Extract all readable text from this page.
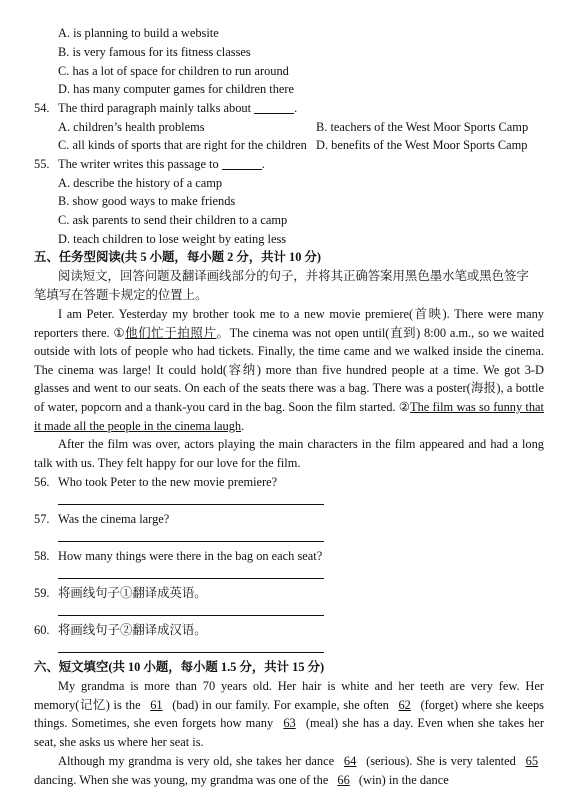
A. is planning to build a website
B. is very famous for its fitness classes
C. has a lot of space for children to run around
D. has many computer games for children there
54. The third paragraph mainly talks about	.
A. children’s health problems	B. teachers of the West Moor Sports Camp
C. all kinds of sports that are right for the children D. benefits of the West Moor Sports Camp
55. The writer writes this passage to	.
A. describe the history of a camp
B. show good ways to make friends
C. ask parents to send their children to a camp
D. teach children to lose weight by eating less
五、任务型阅读(共 5 小题，每小题 2 分，共计 10 分)
阅读短文，回答问题及翻译画线部分的句子，并将其正确答案用黑色墨水笔或黑色签字
笔填写在答题卡规定的位置上。
I am Peter. Yesterday my brother took me to a new movie premiere(首映). There were many reporters there. ①他们忙于拍照片。The cinema was not open until(直到) 8:00 a.m., so we waited outside with lots of people who had tickets. Finally, the time came and we walked inside the cinema. The cinema was large! It could hold(容纳) more than five hundred people at a time. We got 3-D glasses and went to our seats. On each of the seats there was a bag. There was a poster(海报), a bottle of water, popcorn and a thank-you card in the bag. Soon the film started. ②The film was so funny that it made all the people in the cinema laugh.
After the film was over, actors playing the main characters in the film appeared and had a long talk with us. They felt happy for our love for the film.
56. Who took Peter to the new movie premiere?
57. Was the cinema large?
58. How many things were there in the bag on each seat?
59. 将画线句子①翻译成英语。
60. 将画线句子②翻译成汉语。
六、短文填空(共 10 小题，每小题 1.5 分，共计 15 分)
My grandma is more than 70 years old. Her hair is white and her teeth are very few. Her memory(记忆) is the 61 (bad) in our family. For example, she often 62 (forget) where she keeps things. Sometimes, she even forgets how many 63 (meal) she has a day. Even when she takes her seat, she asks us where her seat is.
Although my grandma is very old, she takes her dance 64 (serious). She is very talented 65 dancing. When she was young, my grandma was one of the 66 (win) in the dance
